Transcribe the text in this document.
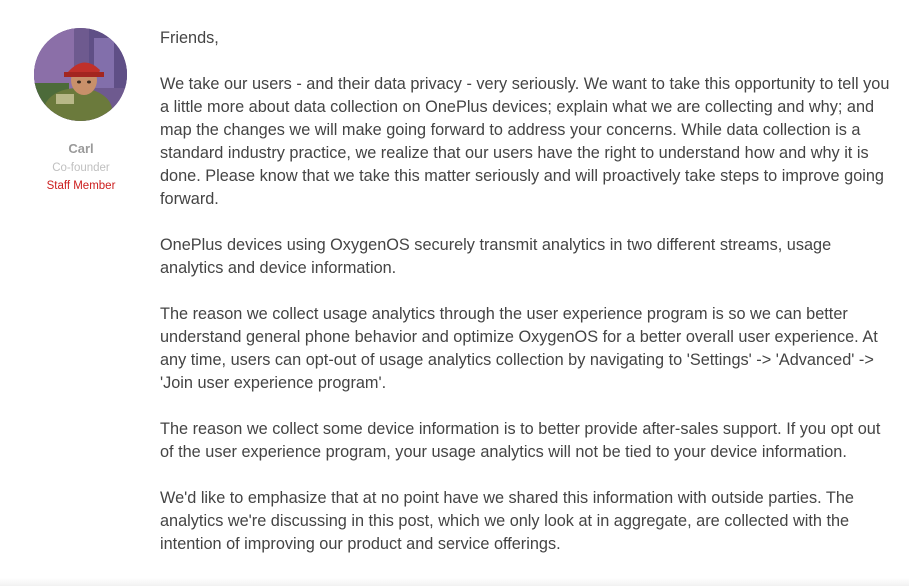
Carl
Co-founder
Staff Member

Friends,

We take our users - and their data privacy - very seriously. We want to take this opportunity to tell you a little more about data collection on OnePlus devices; explain what we are collecting and why; and map the changes we will make going forward to address your concerns. While data collection is a standard industry practice, we realize that our users have the right to understand how and why it is done. Please know that we take this matter seriously and will proactively take steps to improve going forward.

OnePlus devices using OxygenOS securely transmit analytics in two different streams, usage analytics and device information.

The reason we collect usage analytics through the user experience program is so we can better understand general phone behavior and optimize OxygenOS for a better overall user experience. At any time, users can opt-out of usage analytics collection by navigating to 'Settings' -> 'Advanced' -> 'Join user experience program'.

The reason we collect some device information is to better provide after-sales support. If you opt out of the user experience program, your usage analytics will not be tied to your device information.

We'd like to emphasize that at no point have we shared this information with outside parties. The analytics we're discussing in this post, which we only look at in aggregate, are collected with the intention of improving our product and service offerings.
